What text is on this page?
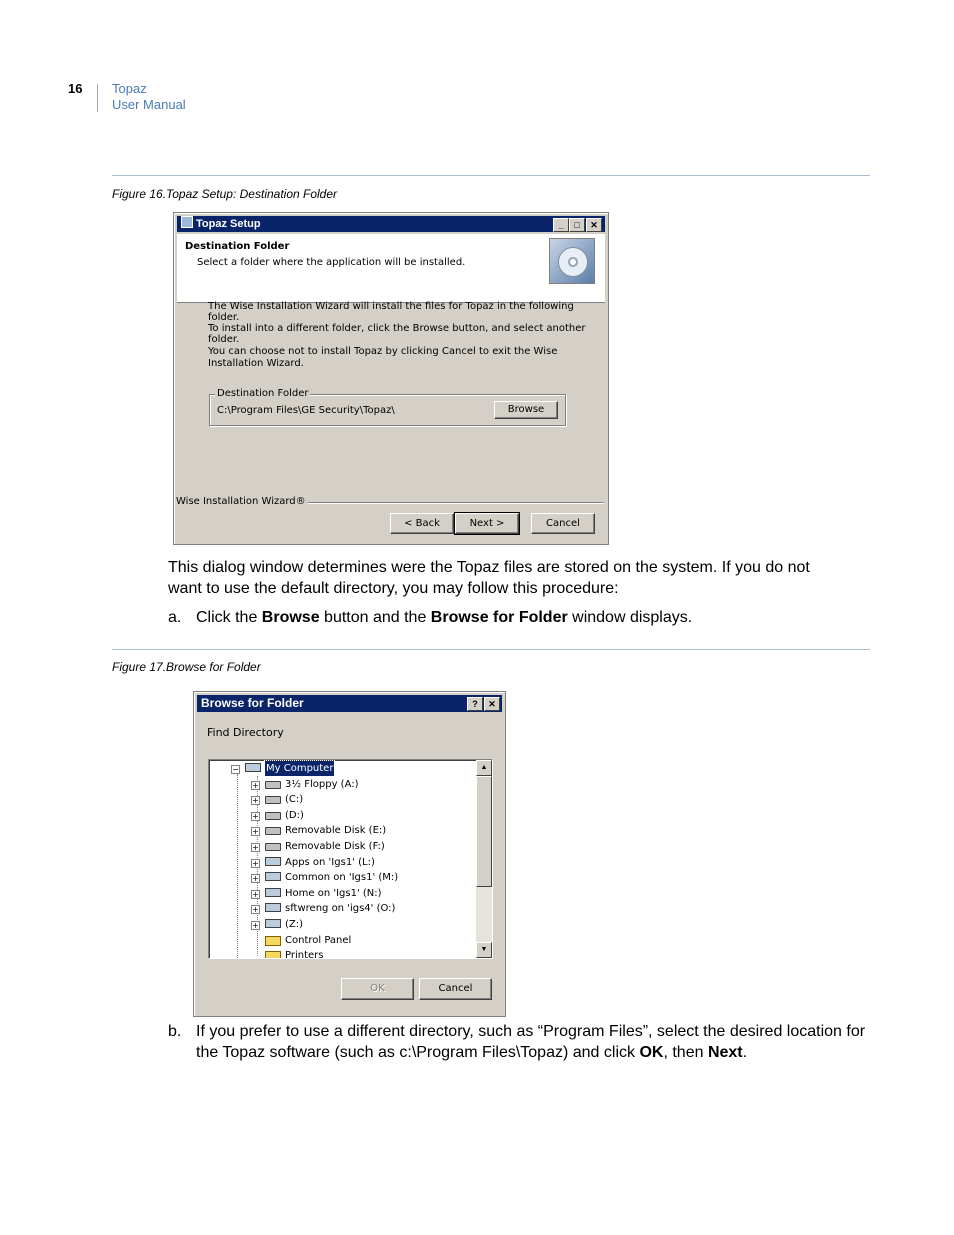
16 Topaz
User Manual
Figure 16.Topaz Setup: Destination Folder
Topaz Setup	_	□	✕
Destination Folder
Select a folder where the application will be installed.
The Wise Installation Wizard will install the files for Topaz in the following folder.
To install into a different folder, click the Browse button, and select another folder.
You can choose not to install Topaz by clicking Cancel to exit the Wise Installation Wizard.
Destination Folder
C:\Program Files\GE Security\Topaz\	Browse
Wise Installation Wizard®
< Back	Next >	Cancel
This dialog window determines were the Topaz files are stored on the system. If you do not want to use the default directory, you may follow this procedure:
a. Click the Browse button and the Browse for Folder window displays.
Figure 17.Browse for Folder
Browse for Folder	?	✕
Find Directory
−	My Computer
+	3½ Floppy (A:)
+	(C:)
+	(D:)
+	Removable Disk (E:)
+	Removable Disk (F:)
+	Apps on 'Igs1' (L:)
+	Common on 'Igs1' (M:)
+	Home on 'Igs1' (N:)
+	sftwreng on 'igs4' (O:)
+	(Z:)
Control Panel
Printers
▲
▼
OK	Cancel
b. If you prefer to use a different directory, such as “Program Files”, select the desired location for the Topaz software (such as c:\Program Files\Topaz) and click OK, then Next.
